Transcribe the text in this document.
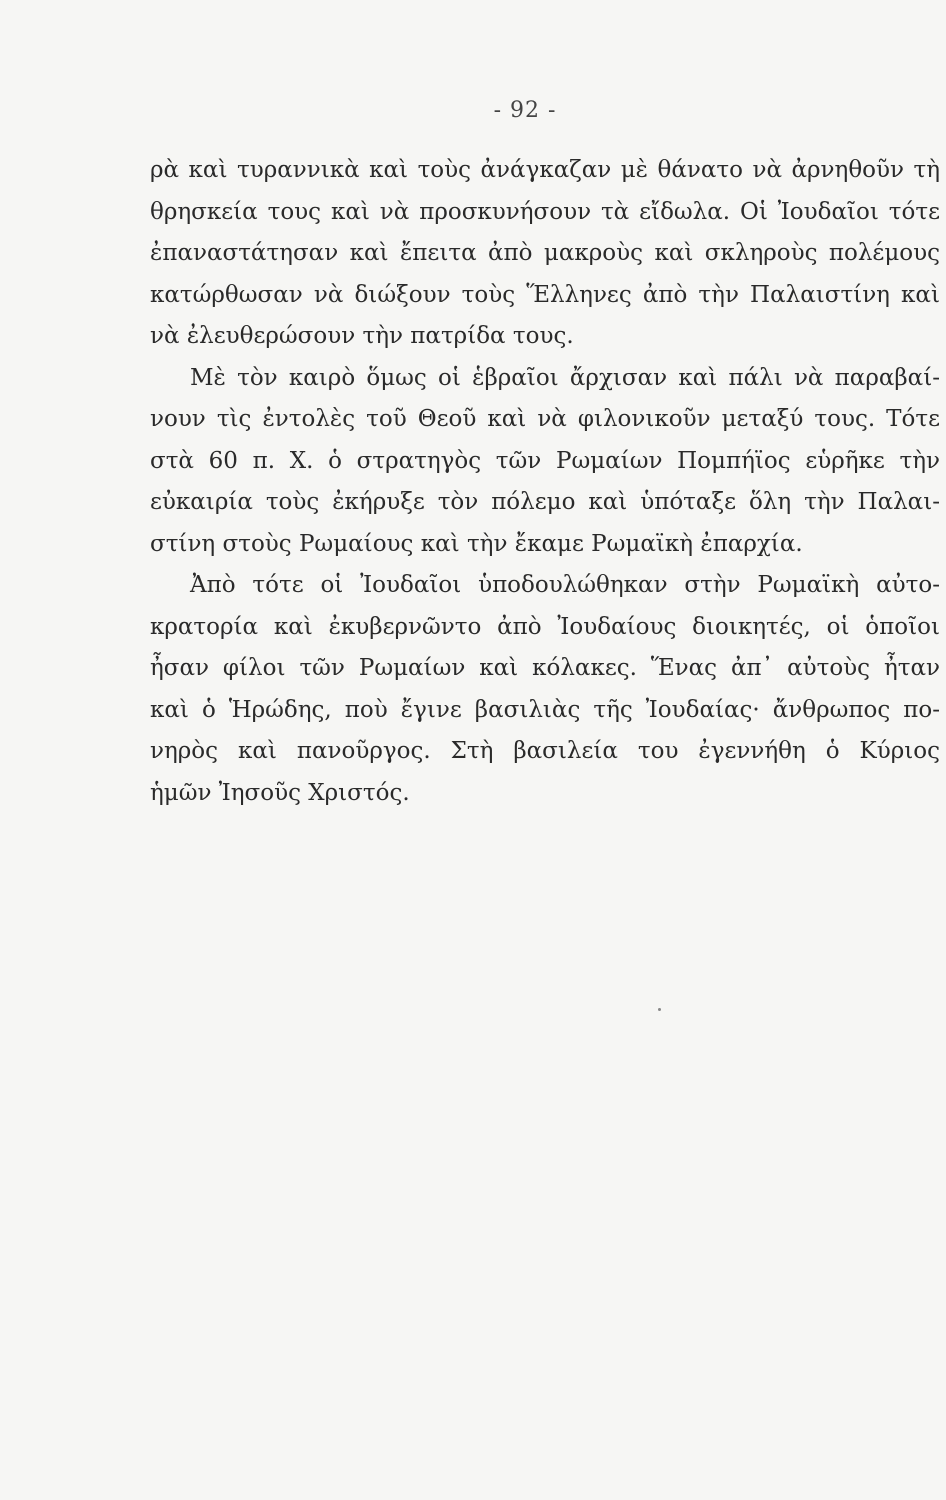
- 92 -
ρὰ καὶ τυραννικὰ καὶ τοὺς ἀνάγκαζαν μὲ θάνατο νὰ ἀρνηθοῦν τὴ
θρησκεία τους καὶ νὰ προσκυνήσουν τὰ εἴδωλα. Οἱ Ἰουδαῖοι τότε
ἐπαναστάτησαν καὶ ἔπειτα ἀπὸ μακροὺς καὶ σκληροὺς πολέμους
κατώρθωσαν νὰ διώξουν τοὺς Ἕλληνες ἀπὸ τὴν Παλαιστίνη καὶ
νὰ ἐλευθερώσουν τὴν πατρίδα τους.
Μὲ τὸν καιρὸ ὅμως οἱ ἑβραῖοι ἄρχισαν καὶ πάλι νὰ παραβαί-
νουν τὶς ἐντολὲς τοῦ Θεοῦ καὶ νὰ φιλονικοῦν μεταξύ τους. Τότε
στὰ 60 π. Χ. ὁ στρατηγὸς τῶν Ρωμαίων Πομπήϊος εὑρῆκε τὴν
εὐκαιρία τοὺς ἐκήρυξε τὸν πόλεμο καὶ ὑπόταξε ὅλη τὴν Παλαι-
στίνη στοὺς Ρωμαίους καὶ τὴν ἔκαμε Ρωμαϊκὴ ἐπαρχία.
Ἀπὸ τότε οἱ Ἰουδαῖοι ὑποδουλώθηκαν στὴν Ρωμαϊκὴ αὐτο-
κρατορία καὶ ἐκυβερνῶντο ἀπὸ Ἰουδαίους διοικητές, οἱ ὁποῖοι
ἦσαν φίλοι τῶν Ρωμαίων καὶ κόλακες. Ἕνας ἀπ᾽ αὐτοὺς ἦταν
καὶ ὁ Ἡρώδης, ποὺ ἔγινε βασιλιὰς τῆς Ἰουδαίας· ἄνθρωπος πο-
νηρὸς καὶ πανοῦργος. Στὴ βασιλεία του ἐγεννήθη ὁ Κύριος
ἡμῶν Ἰησοῦς Χριστός.
